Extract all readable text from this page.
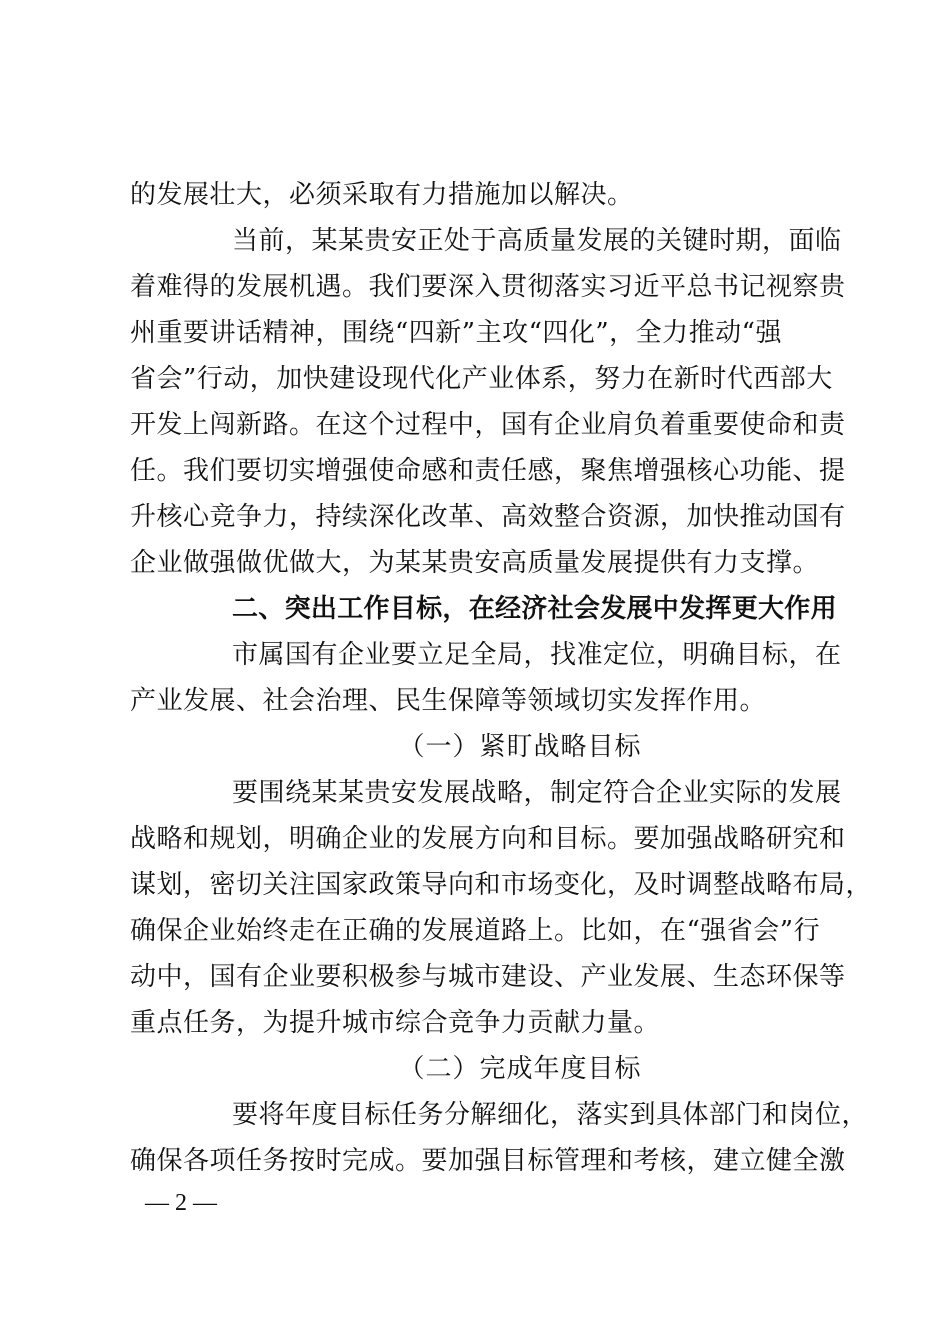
的发展壮大，必须采取有力措施加以解决。
当前，某某贵安正处于高质量发展的关键时期，面临
着难得的发展机遇。我们要深入贯彻落实习近平总书记视察贵
州重要讲话精神，围绕“四新”主攻“四化”，全力推动“强
省会”行动，加快建设现代化产业体系，努力在新时代西部大
开发上闯新路。在这个过程中，国有企业肩负着重要使命和责
任。我们要切实增强使命感和责任感，聚焦增强核心功能、提
升核心竞争力，持续深化改革、高效整合资源，加快推动国有
企业做强做优做大，为某某贵安高质量发展提供有力支撑。
二、突出工作目标，在经济社会发展中发挥更大作用
市属国有企业要立足全局，找准定位，明确目标，在
产业发展、社会治理、民生保障等领域切实发挥作用。
（一）紧盯战略目标
要围绕某某贵安发展战略，制定符合企业实际的发展
战略和规划，明确企业的发展方向和目标。要加强战略研究和
谋划，密切关注国家政策导向和市场变化，及时调整战略布局，
确保企业始终走在正确的发展道路上。比如，在“强省会”行
动中，国有企业要积极参与城市建设、产业发展、生态环保等
重点任务，为提升城市综合竞争力贡献力量。
（二）完成年度目标
要将年度目标任务分解细化，落实到具体部门和岗位，
确保各项任务按时完成。要加强目标管理和考核，建立健全激
— 2 —
